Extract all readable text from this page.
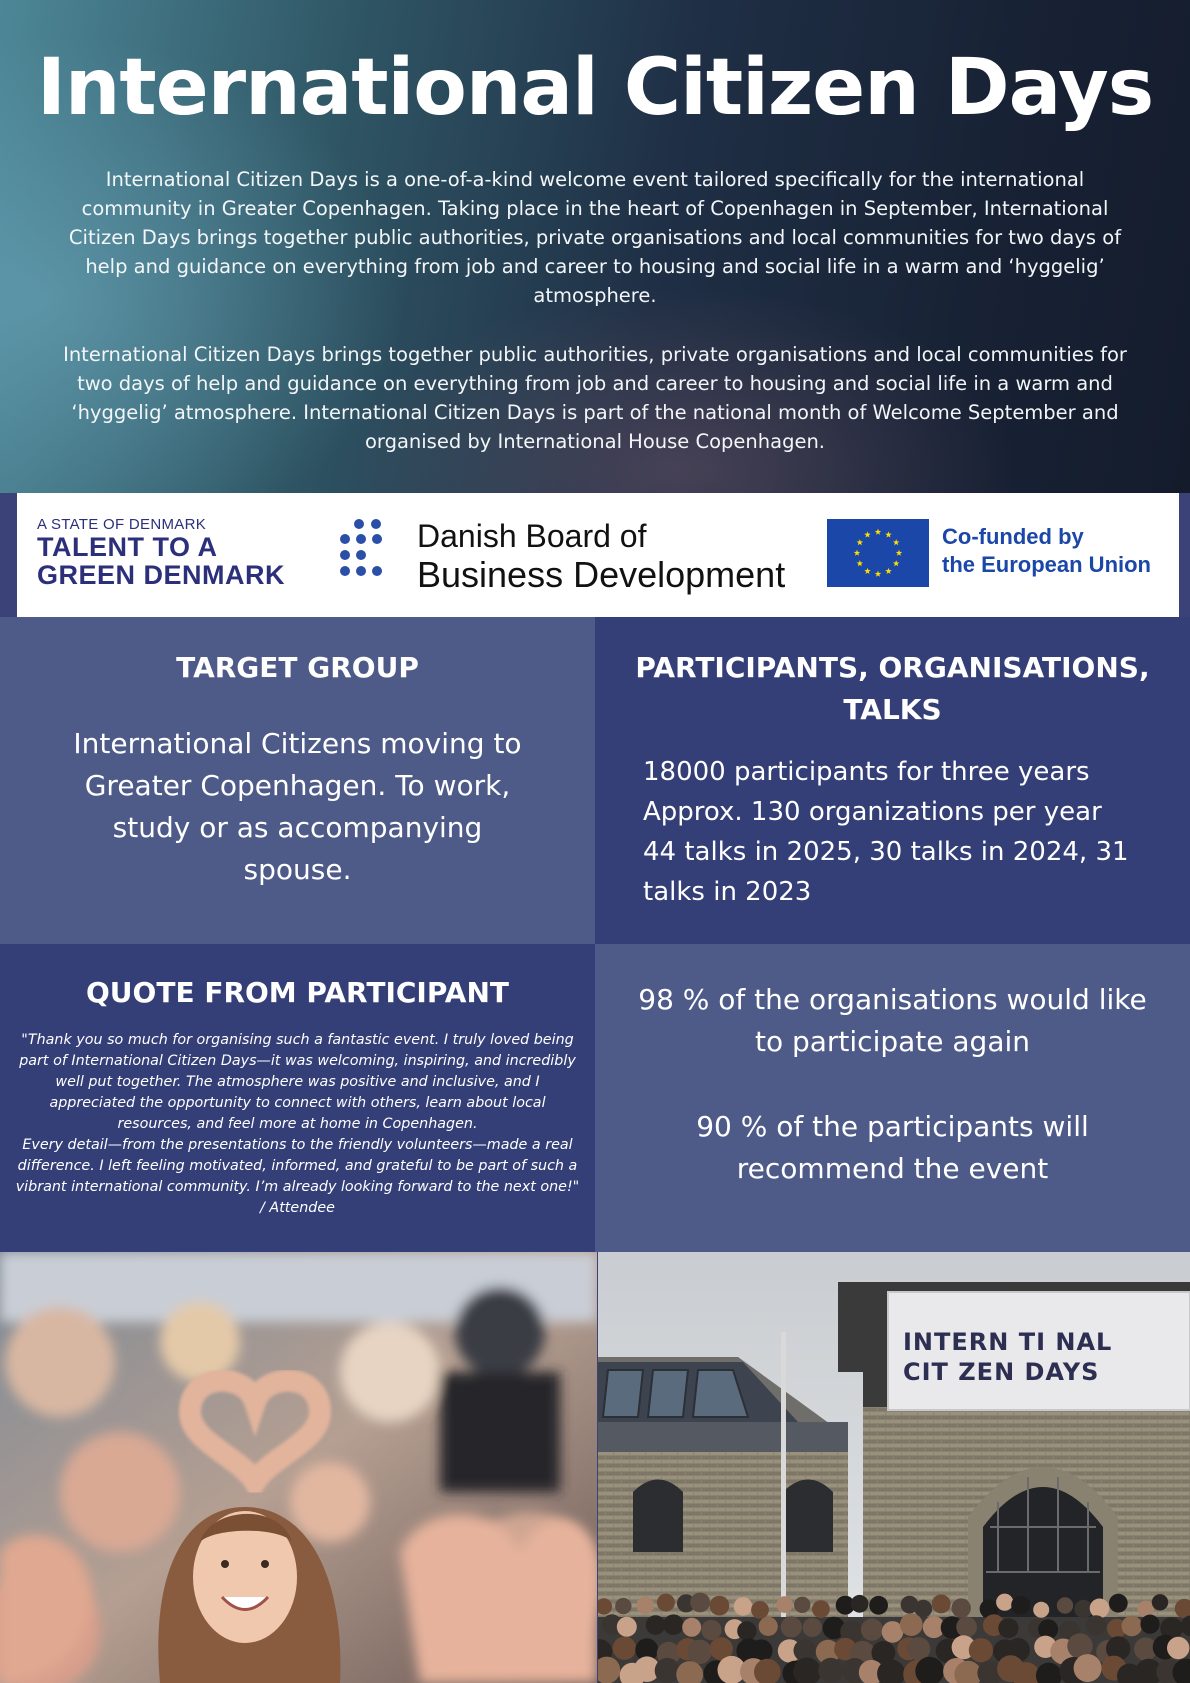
International Citizen Days

International Citizen Days is a one-of-a-kind welcome event tailored specifically for the international community in Greater Copenhagen. Taking place in the heart of Copenhagen in September, International Citizen Days brings together public authorities, private organisations and local communities for two days of help and guidance on everything from job and career to housing and social life in a warm and ‘hyggelig’ atmosphere.

International Citizen Days brings together public authorities, private organisations and local communities for two days of help and guidance on everything from job and career to housing and social life in a warm and ‘hyggelig’ atmosphere. International Citizen Days is part of the national month of Welcome September and organised by International House Copenhagen.

A STATE OF DENMARK
TALENT TO A
GREEN DENMARK
Danish Board of
Business Development
Co-funded by
the European Union
TARGET GROUP
International Citizens moving to Greater Copenhagen. To work, study or as accompanying spouse.
PARTICIPANTS, ORGANISATIONS, TALKS
18000 participants for three years
Approx. 130 organizations per year
44 talks in 2025, 30 talks in 2024, 31 talks in 2023
QUOTE FROM PARTICIPANT
"Thank you so much for organising such a fantastic event. I truly loved being part of International Citizen Days—it was welcoming, inspiring, and incredibly well put together. The atmosphere was positive and inclusive, and I appreciated the opportunity to connect with others, learn about local resources, and feel more at home in Copenhagen.
Every detail—from the presentations to the friendly volunteers—made a real difference. I left feeling motivated, informed, and grateful to be part of such a vibrant international community. I’m already looking forward to the next one!"
/ Attendee
98 % of the organisations would like to participate again
90 % of the participants will recommend the event
INTERN TI NAL
CIT ZEN DAYS
